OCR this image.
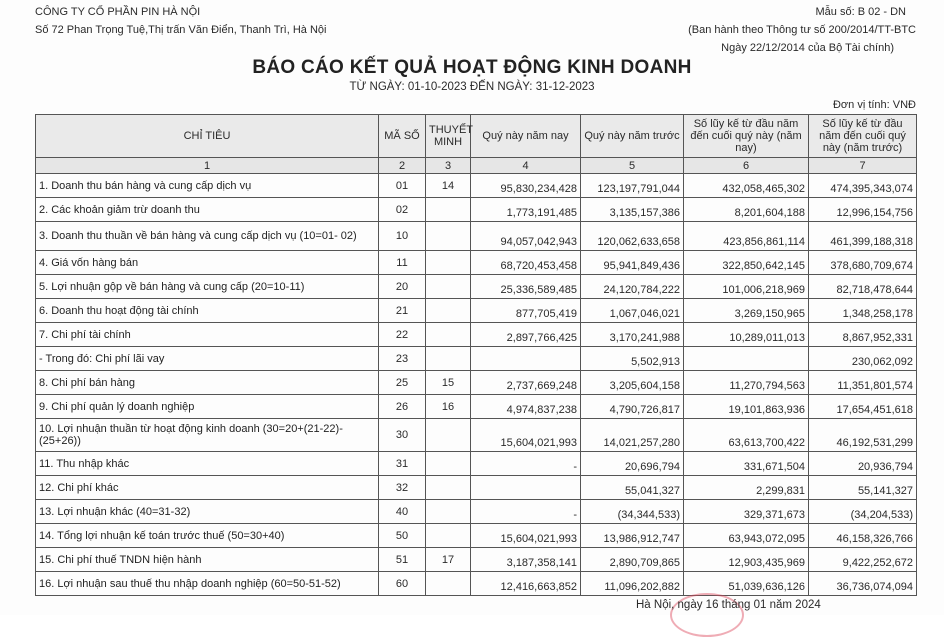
CÔNG TY CỔ PHẦN PIN HÀ NỘI
Số 72 Phan Trọng Tuệ,Thị trấn Văn Điển, Thanh Trì, Hà Nội
Mẫu số: B 02 - DN
(Ban hành theo Thông tư số 200/2014/TT-BTC
Ngày 22/12/2014 của Bộ Tài chính)
BÁO CÁO KẾT QUẢ HOẠT ĐỘNG KINH DOANH
TỪ NGÀY: 01-10-2023 ĐẾN NGÀY: 31-12-2023
Đơn vị tính: VNĐ
CHỈ TIÊU	MÃ SỐ	THUYẾT MINH	Quý này năm nay	Quý này năm trước	Số lũy kế từ đầu năm đến cuối quý này (năm nay)	Số lũy kế từ đầu năm đến cuối quý này (năm trước)
1	2	3	4	5	6	7
1. Doanh thu bán hàng và cung cấp dịch vụ	01	14	95,830,234,428	123,197,791,044	432,058,465,302	474,395,343,074
2. Các khoản giảm trừ doanh thu	02		1,773,191,485	3,135,157,386	8,201,604,188	12,996,154,756
3. Doanh thu thuần về bán hàng và cung cấp dịch vụ (10=01- 02)	10		94,057,042,943	120,062,633,658	423,856,861,114	461,399,188,318
4. Giá vốn hàng bán	11		68,720,453,458	95,941,849,436	322,850,642,145	378,680,709,674
5. Lợi nhuận gộp về bán hàng và cung cấp (20=10-11)	20		25,336,589,485	24,120,784,222	101,006,218,969	82,718,478,644
6. Doanh thu hoạt động tài chính	21		877,705,419	1,067,046,021	3,269,150,965	1,348,258,178
7. Chi phí tài chính	22		2,897,766,425	3,170,241,988	10,289,011,013	8,867,952,331
- Trong đó: Chi phí lãi vay	23			5,502,913		230,062,092
8. Chi phí bán hàng	25	15	2,737,669,248	3,205,604,158	11,270,794,563	11,351,801,574
9. Chi phí quản lý doanh nghiệp	26	16	4,974,837,238	4,790,726,817	19,101,863,936	17,654,451,618
10. Lợi nhuận thuần từ hoạt động kinh doanh (30=20+(21-22)-(25+26))	30		15,604,021,993	14,021,257,280	63,613,700,422	46,192,531,299
11. Thu nhập khác	31		-	20,696,794	331,671,504	20,936,794
12. Chi phí khác	32			55,041,327	2,299,831	55,141,327
13. Lợi nhuận khác (40=31-32)	40		-	(34,344,533)	329,371,673	(34,204,533)
14. Tổng lợi nhuận kế toán trước thuế (50=30+40)	50		15,604,021,993	13,986,912,747	63,943,072,095	46,158,326,766
15. Chi phí thuế TNDN hiện hành	51	17	3,187,358,141	2,890,709,865	12,903,435,969	9,422,252,672
16. Lợi nhuận sau thuế thu nhập doanh nghiệp (60=50-51-52)	60		12,416,663,852	11,096,202,882	51,039,636,126	36,736,074,094
Hà Nội, ngày 16 tháng 01 năm 2024
